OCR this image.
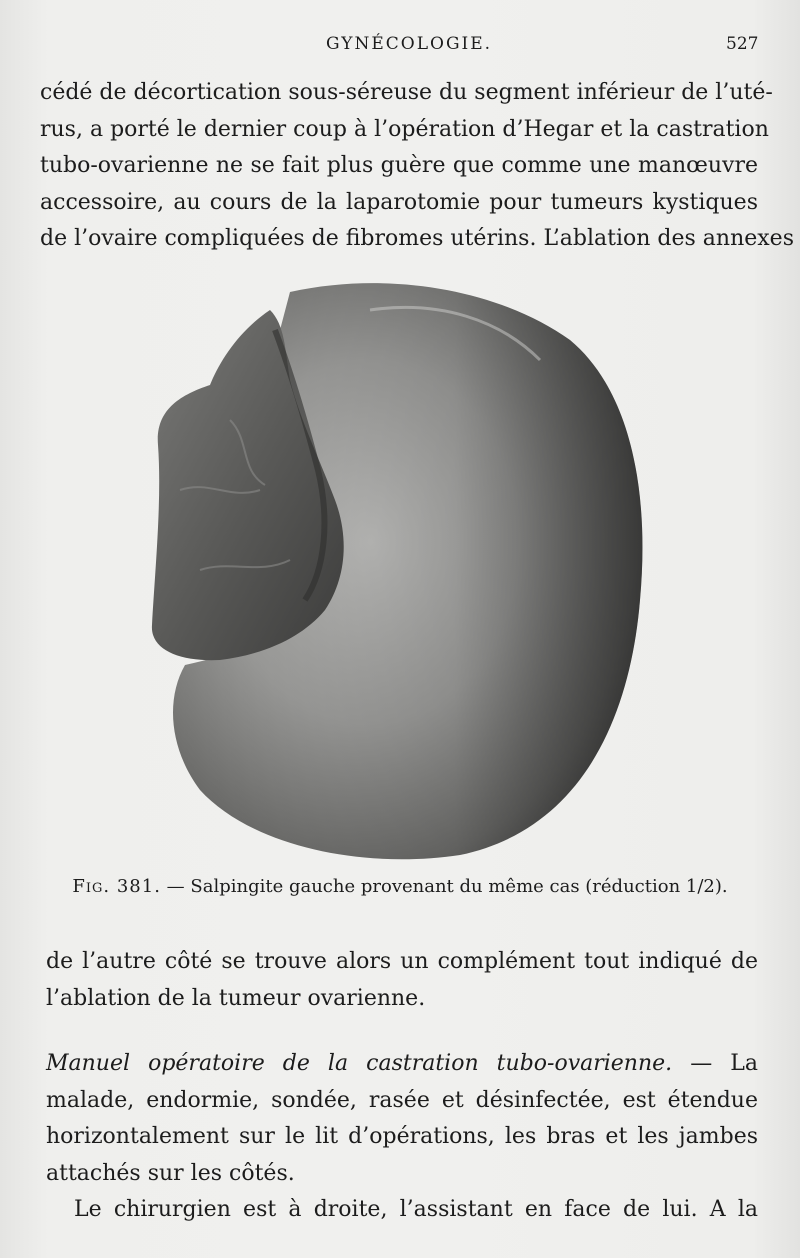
GYNÉCOLOGIE.	527
cédé de décortication sous-séreuse du segment inférieur de l’uté-
rus, a porté le dernier coup à l’opération d’Hegar et la castration
tubo-ovarienne ne se fait plus guère que comme une manœuvre
accessoire, au cours de la laparotomie pour tumeurs kystiques
de l’ovaire compliquées de fibromes utérins. L’ablation des annexes
Fig. 381. — Salpingite gauche provenant du même cas (réduction 1/2).
de l’autre côté se trouve alors un complément tout indiqué de
l’ablation de la tumeur ovarienne.
Manuel opératoire de la castration tubo-ovarienne. — La
malade, endormie, sondée, rasée et désinfectée, est étendue
horizontalement sur le lit d’opérations, les bras et les jambes
attachés sur les côtés.
Le chirurgien est à droite, l’assistant en face de lui. A la
